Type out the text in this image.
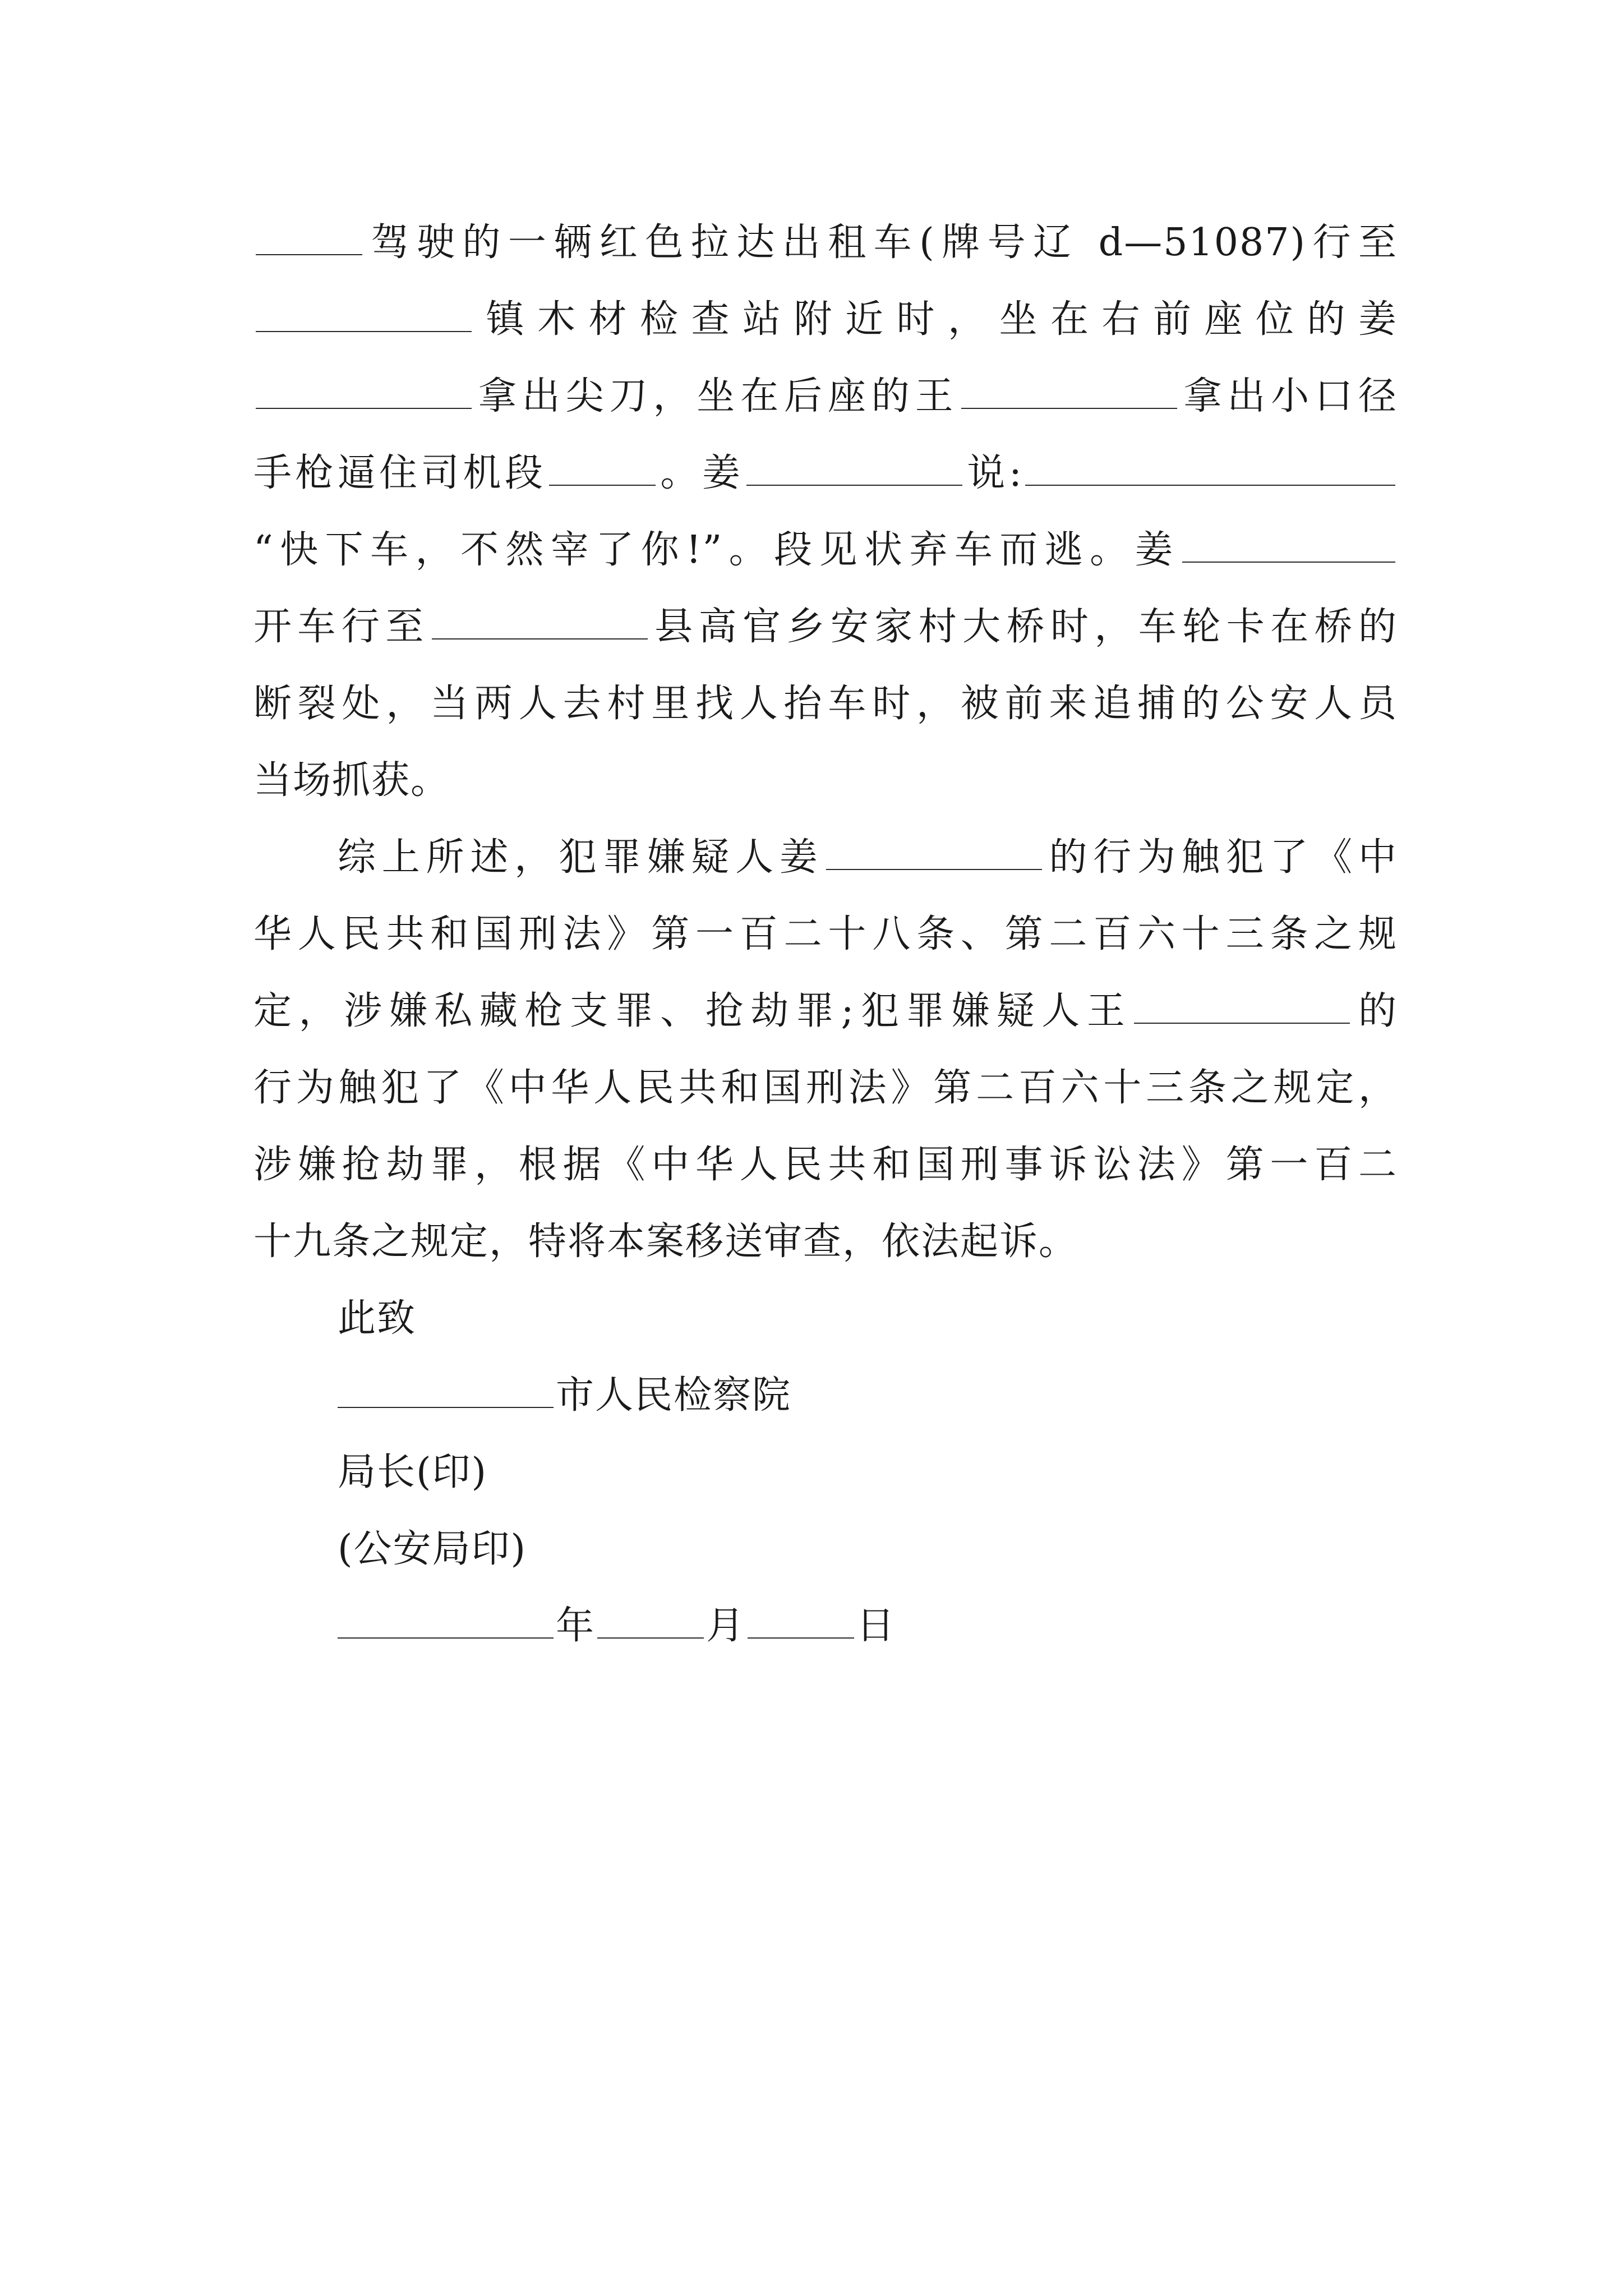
驾驶的一辆红色拉达出租车(牌号辽 d—51087)行至
镇木材检查站附近时，坐在右前座位的姜
拿出尖刀，坐在后座的王	拿出小口径
手枪逼住司机段	。姜	说:
“快下车，不然宰了你!”。段见状弃车而逃。姜
开车行至	县高官乡安家村大桥时，车轮卡在桥的
断裂处，当两人去村里找人抬车时，被前来追捕的公安人员
当场抓获。
综上所述，犯罪嫌疑人姜	的行为触犯了《中
华人民共和国刑法》第一百二十八条、第二百六十三条之规
定，涉嫌私藏枪支罪、抢劫罪;犯罪嫌疑人王	的
行为触犯了《中华人民共和国刑法》第二百六十三条之规定，
涉嫌抢劫罪，根据《中华人民共和国刑事诉讼法》第一百二
十九条之规定，特将本案移送审查，依法起诉。
此致
市人民检察院
局长(印)
(公安局印)
年	月	日
